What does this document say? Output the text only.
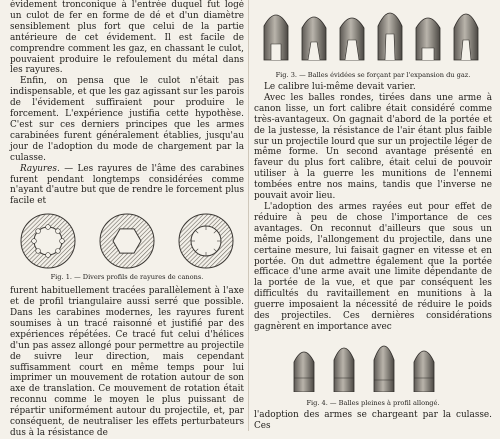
évidement tronconique à l'entrée duquel fut logé un culot de fer en forme de dé et d'un diamètre sensiblement plus fort que celui de la partie antérieure de cet évidement. Il est facile de comprendre comment les gaz, en chassant le culot, pouvaient produire le refoulement du métal dans les rayures.

Enfin, on pensa que le culot n'était pas indispensable, et que les gaz agissant sur les parois de l'évidement suffiraient pour produire le forcement. L'expérience justifia cette hypothèse. C'est sur ces derniers principes que les armes carabinées furent généralement établies, jusqu'au jour de l'adoption du mode de chargement par la culasse.

Rayures. — Les rayures de l'âme des carabines furent pendant longtemps considérées comme n'ayant d'autre but que de rendre le forcement plus facile et

Fig. 1. — Divers profils de rayures de canons.

furent habituellement tracées parallèlement à l'axe et de profil triangulaire aussi serré que possible. Dans les carabines modernes, les rayures furent soumises à un tracé raisonné et justifié par des expériences répétées. Ce tracé fut celui d'hélices d'un pas assez allongé pour permettre au projectile de suivre leur direction, mais cependant suffisamment court en même temps pour lui imprimer un mouvement de rotation autour de son axe de translation. Ce mouvement de rotation était reconnu comme le moyen le plus puissant de répartir uniformément autour du projectile, et, par conséquent, de neutraliser les effets perturbateurs dus à la résistance de

Fig. 3. — Balles évidées se forçant par l'expansion du gaz.

Le calibre lui-même devait varier.

Avec les balles rondes, tirées dans une arme à canon lisse, un fort calibre était considéré comme très-avantageux. On gagnait d'abord de la portée et de la justesse, la résistance de l'air étant plus faible sur un projectile lourd que sur un projectile léger de même forme. Un second avantage présenté en faveur du plus fort calibre, était celui de pouvoir utiliser à la guerre les munitions de l'ennemi tombées entre nos mains, tandis que l'inverse ne pouvait avoir lieu.

L'adoption des armes rayées eut pour effet de réduire à peu de chose l'importance de ces avantages. On reconnut d'ailleurs que sous un même poids, l'allongement du projectile, dans une certaine mesure, lui faisait gagner en vitesse et en portée. On dut admettre également que la portée efficace d'une arme avait une limite dépendante de la portée de la vue, et que par conséquent les difficultés du ravitaillement en munitions à la guerre imposaient la nécessité de réduire le poids des projectiles. Ces dernières considérations gagnèrent en importance avec

Fig. 4. — Balles pleines à profil allongé.

l'adoption des armes se chargeant par la culasse. Ces
